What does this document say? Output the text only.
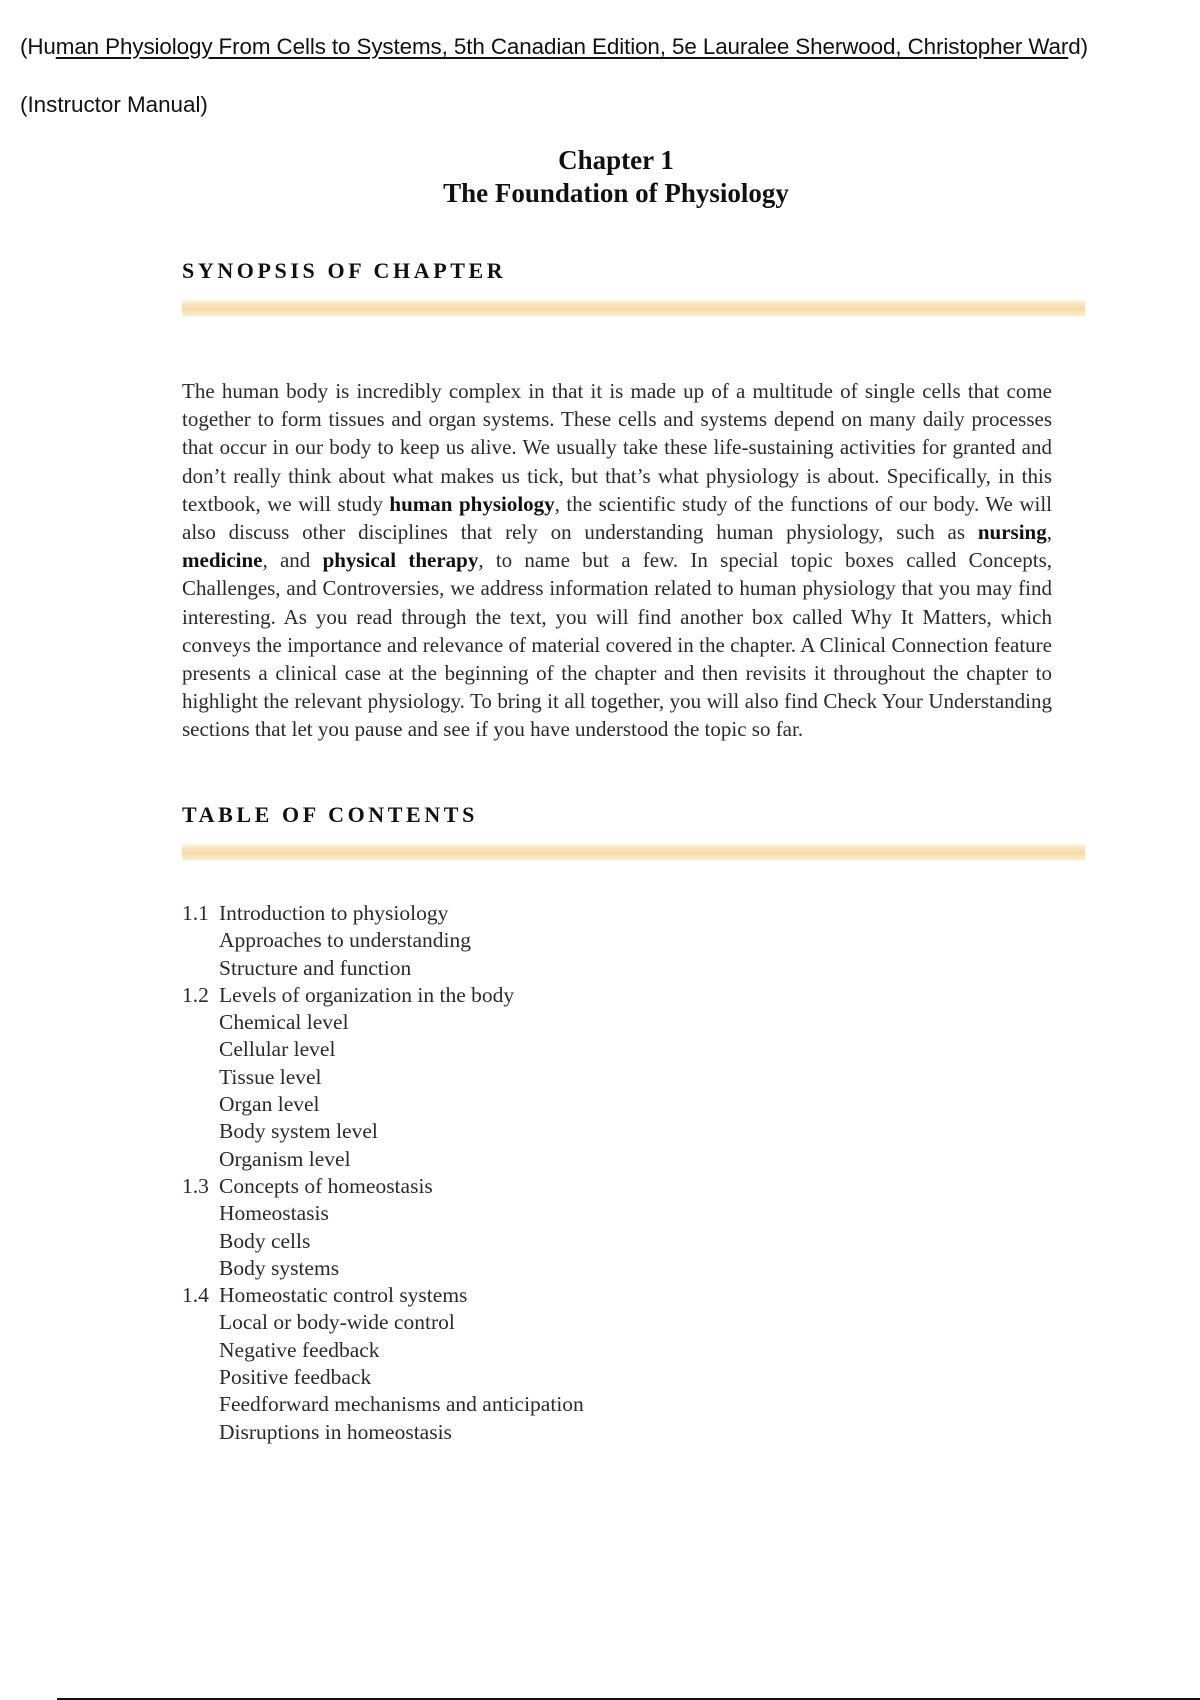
(Human Physiology From Cells to Systems, 5th Canadian Edition, 5e Lauralee Sherwood, Christopher Ward)
(Instructor Manual)
Chapter 1
The Foundation of Physiology
SYNOPSIS OF CHAPTER

The human body is incredibly complex in that it is made up of a multitude of single cells that come together to form tissues and organ systems. These cells and systems depend on many daily processes that occur in our body to keep us alive. We usually take these life-sustaining activities for granted and don’t really think about what makes us tick, but that’s what physiology is about. Specifically, in this textbook, we will study human physiology, the scientific study of the functions of our body. We will also discuss other disciplines that rely on understanding human physiology, such as nursing, medicine, and physical therapy, to name but a few. In special topic boxes called Concepts, Challenges, and Controversies, we address information related to human physiology that you may find interesting. As you read through the text, you will find another box called Why It Matters, which conveys the importance and relevance of material covered in the chapter. A Clinical Connection feature presents a clinical case at the beginning of the chapter and then revisits it throughout the chapter to highlight the relevant physiology. To bring it all together, you will also find Check Your Understanding sections that let you pause and see if you have understood the topic so far.

TABLE OF CONTENTS
1.1 Introduction to physiology
Approaches to understanding
Structure and function
1.2 Levels of organization in the body
Chemical level
Cellular level
Tissue level
Organ level
Body system level
Organism level
1.3 Concepts of homeostasis
Homeostasis
Body cells
Body systems
1.4 Homeostatic control systems
Local or body-wide control
Negative feedback
Positive feedback
Feedforward mechanisms and anticipation
Disruptions in homeostasis
